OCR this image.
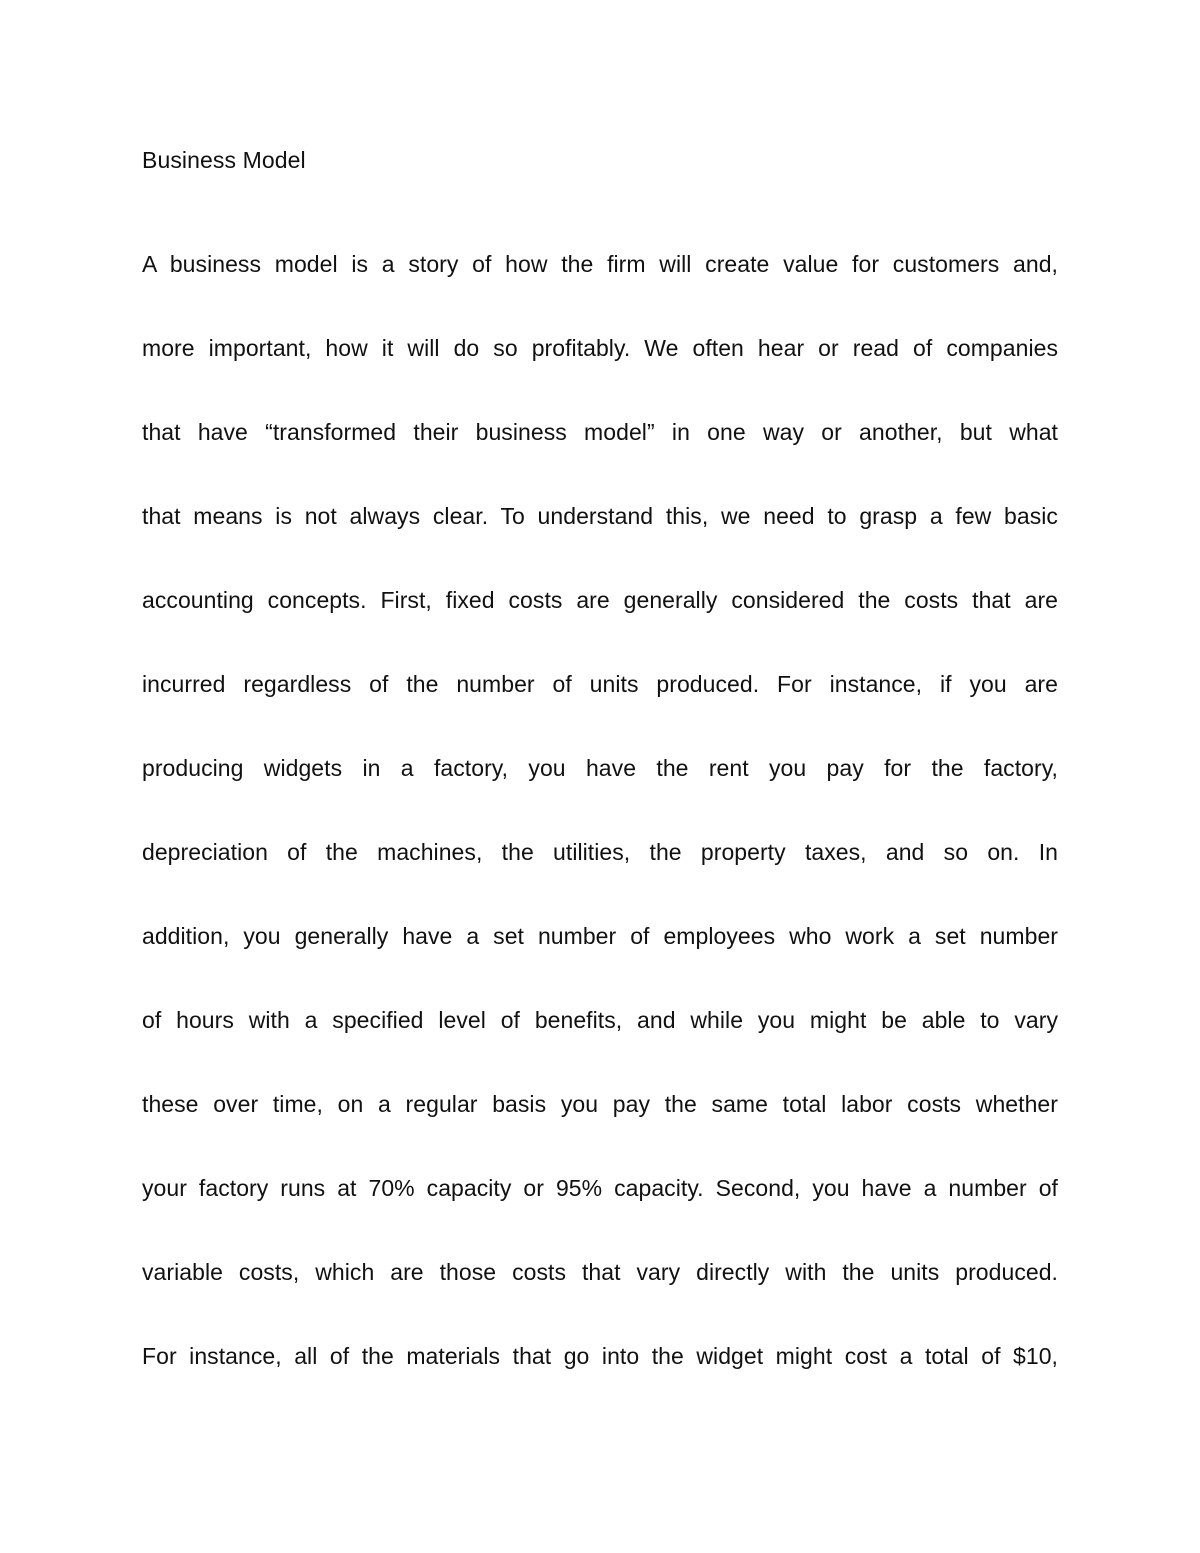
Business Model
A business model is a story of how the firm will create value for customers and,
more important, how it will do so profitably. We often hear or read of companies
that have “transformed their business model” in one way or another, but what
that means is not always clear. To understand this, we need to grasp a few basic
accounting concepts. First, fixed costs are generally considered the costs that are
incurred regardless of the number of units produced. For instance, if you are
producing widgets in a factory, you have the rent you pay for the factory,
depreciation of the machines, the utilities, the property taxes, and so on. In
addition, you generally have a set number of employees who work a set number
of hours with a specified level of benefits, and while you might be able to vary
these over time, on a regular basis you pay the same total labor costs whether
your factory runs at 70% capacity or 95% capacity. Second, you have a number of
variable costs, which are those costs that vary directly with the units produced.
For instance, all of the materials that go into the widget might cost a total of $10,
